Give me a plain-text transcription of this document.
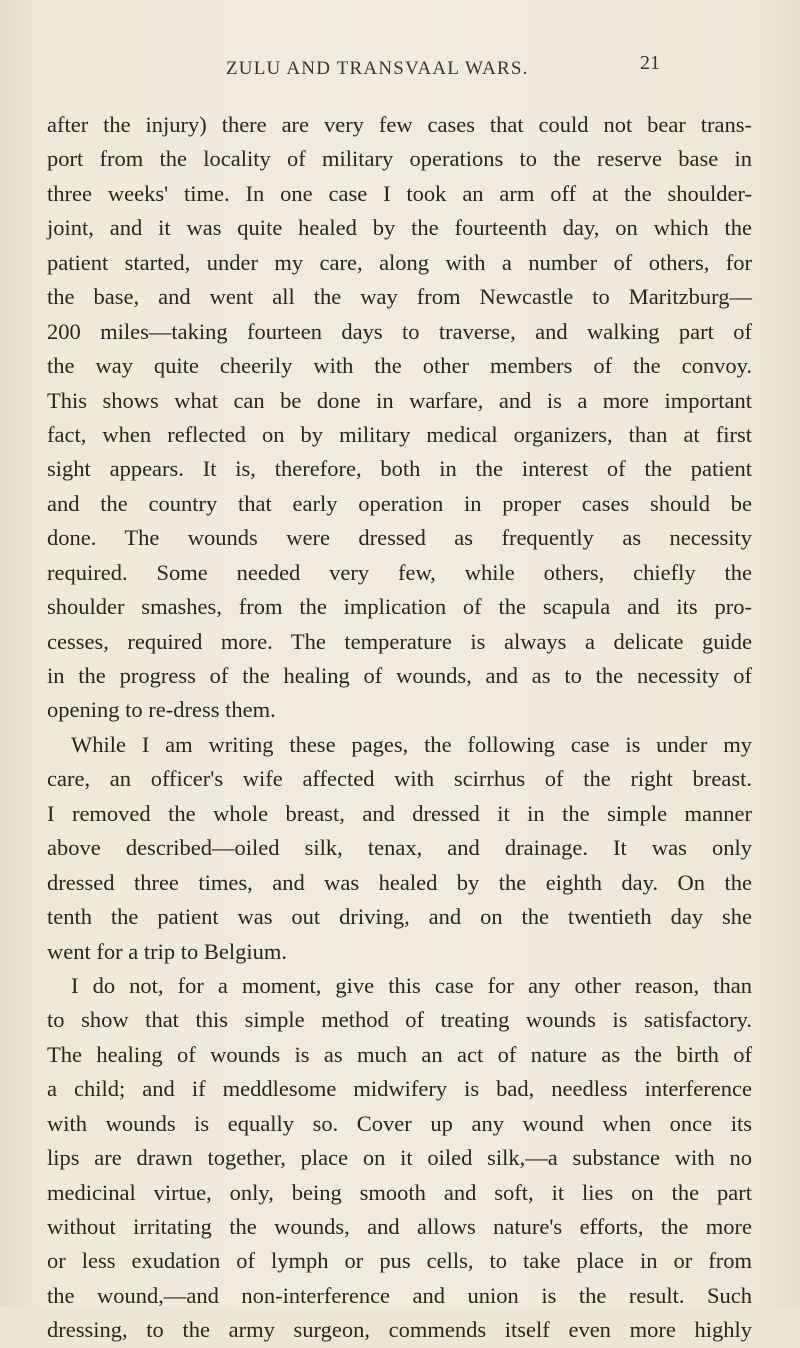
ZULU AND TRANSVAAL WARS.	21
after the injury) there are very few cases that could not bear trans-
port from the locality of military operations to the reserve base in
three weeks' time. In one case I took an arm off at the shoulder-
joint, and it was quite healed by the fourteenth day, on which the
patient started, under my care, along with a number of others, for
the base, and went all the way from Newcastle to Maritzburg—
200 miles—taking fourteen days to traverse, and walking part of
the way quite cheerily with the other members of the convoy.
This shows what can be done in warfare, and is a more important
fact, when reflected on by military medical organizers, than at first
sight appears. It is, therefore, both in the interest of the patient
and the country that early operation in proper cases should be
done. The wounds were dressed as frequently as necessity
required. Some needed very few, while others, chiefly the
shoulder smashes, from the implication of the scapula and its pro-
cesses, required more. The temperature is always a delicate guide
in the progress of the healing of wounds, and as to the necessity of
opening to re-dress them.
While I am writing these pages, the following case is under my
care, an officer's wife affected with scirrhus of the right breast.
I removed the whole breast, and dressed it in the simple manner
above described—oiled silk, tenax, and drainage. It was only
dressed three times, and was healed by the eighth day. On the
tenth the patient was out driving, and on the twentieth day she
went for a trip to Belgium.
I do not, for a moment, give this case for any other reason, than
to show that this simple method of treating wounds is satisfactory.
The healing of wounds is as much an act of nature as the birth of
a child; and if meddlesome midwifery is bad, needless interference
with wounds is equally so. Cover up any wound when once its
lips are drawn together, place on it oiled silk,—a substance with no
medicinal virtue, only, being smooth and soft, it lies on the part
without irritating the wounds, and allows nature's efforts, the more
or less exudation of lymph or pus cells, to take place in or from
the wound,—and non-interference and union is the result. Such
dressing, to the army surgeon, commends itself even more highly
